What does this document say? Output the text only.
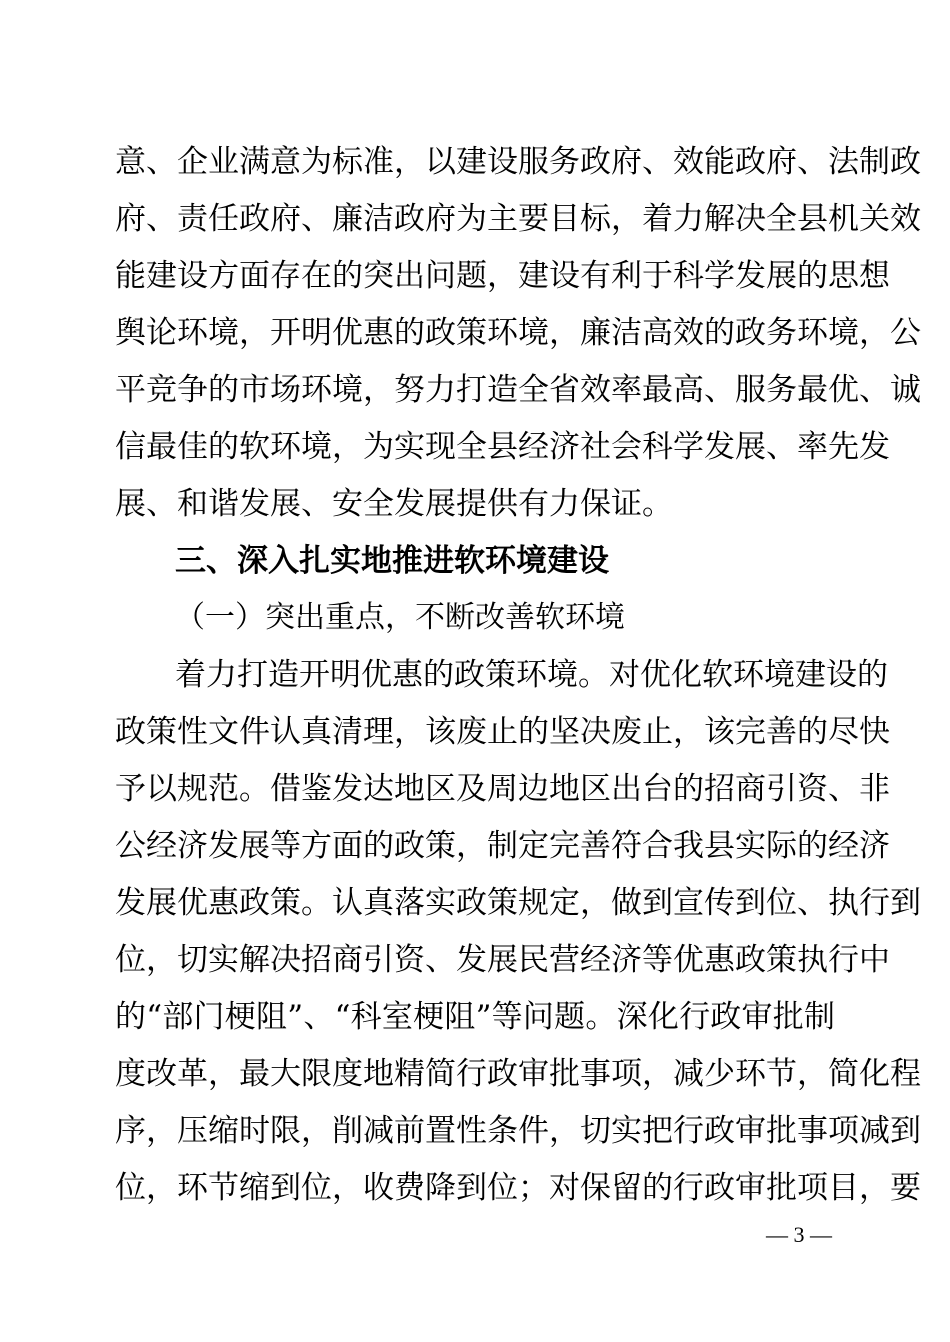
意、企业满意为标准，以建设服务政府、效能政府、法制政
府、责任政府、廉洁政府为主要目标，着力解决全县机关效
能建设方面存在的突出问题，建设有利于科学发展的思想
舆论环境，开明优惠的政策环境，廉洁高效的政务环境，公
平竞争的市场环境，努力打造全省效率最高、服务最优、诚
信最佳的软环境，为实现全县经济社会科学发展、率先发
展、和谐发展、安全发展提供有力保证。
三、深入扎实地推进软环境建设
（一）突出重点，不断改善软环境
着力打造开明优惠的政策环境。对优化软环境建设的
政策性文件认真清理，该废止的坚决废止，该完善的尽快
予以规范。借鉴发达地区及周边地区出台的招商引资、非
公经济发展等方面的政策，制定完善符合我县实际的经济
发展优惠政策。认真落实政策规定，做到宣传到位、执行到
位，切实解决招商引资、发展民营经济等优惠政策执行中
的“部门梗阻”、“科室梗阻”等问题。深化行政审批制
度改革，最大限度地精简行政审批事项，减少环节，简化程
序，压缩时限，削减前置性条件，切实把行政审批事项减到
位，环节缩到位，收费降到位；对保留的行政审批项目，要
— 3 —
